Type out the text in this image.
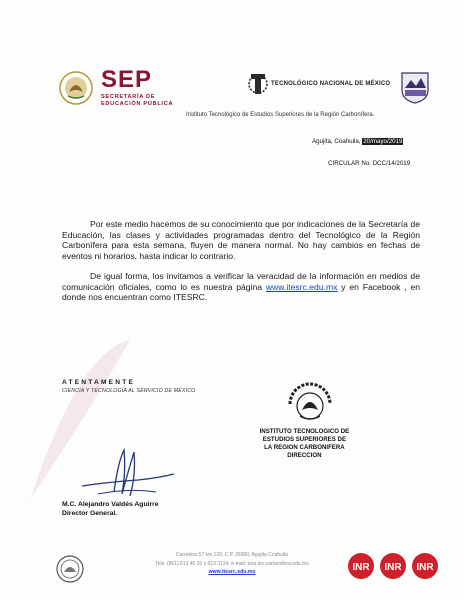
SEP
SECRETARÍA DE
EDUCACIÓN PÚBLICA
TECNOLÓGICO NACIONAL DE MÉXICO
Instituto Tecnológico de Estudios Superiores de la Región Carbonífera.
Agujita, Coahuila, 20/mayo/2019
CIRCULAR No. DCC/14/2019
Por este medio hacemos de su conocimiento que por indicaciones de la Secretaría de Educación, las clases y actividades programadas dentro del Tecnológico de la Región Carbonífera para esta semana, fluyen de manera normal. No hay cambios en fechas de eventos ni horarios, hasta indicar lo contrario.
De igual forma, los invitamos a verificar la veracidad de la información en medios de comunicación oficiales, como lo es nuestra página www.itesrc.edu.mx y en Facebook , en donde nos encuentran como ITESRC.
ATENTAMENTE
CIENCIA Y TECNOLOGÍA AL SERVICIO DE MÉXICO
INSTITUTO TECNOLOGICO DE
ESTUDIOS SUPERIORES DE
LA REGION CARBONIFERA
DIRECCION
M.C. Alejandro Valdés Aguirre
Director General.
Carretera 57 km 120, C.P. 26950, Agujita Coahuila
Tels. (861) 613 40 32 y 613 3124, e-mail: tera.tec-carbonifera.edu.mx
www.itesrc.edu.mx	INR INR INR
